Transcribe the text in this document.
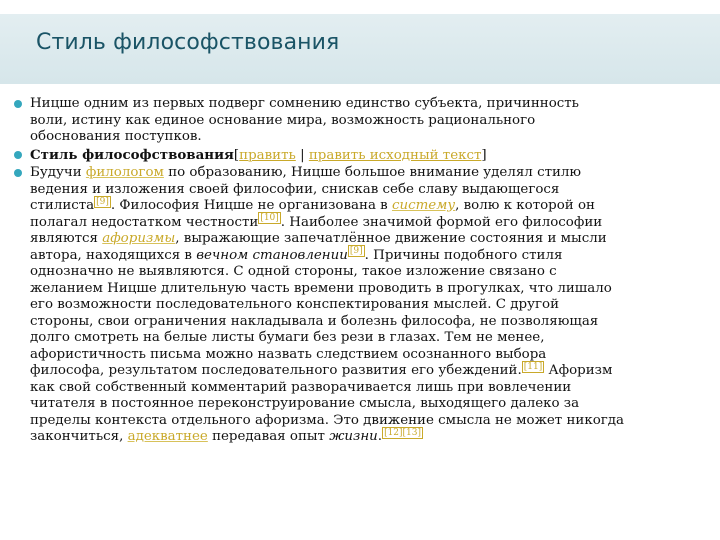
Стиль философствования
Ницше одним из первых подверг сомнению единство субъекта, причинность
воли, истину как единое основание мира, возможность рационального
обоснования поступков.
Стиль философствования[править | править исходный текст]
Будучи филологом по образованию, Ницше большое внимание уделял стилю
ведения и изложения своей философии, снискав себе славу выдающегося
стилиста [9] . Философия Ницше не организована в систему, волю к которой он
полагал недостатком честности [10] . Наиболее значимой формой его философии
являются афоризмы, выражающие запечатлённое движение состояния и мысли
автора, находящихся в вечном становлении [9] . Причины подобного стиля
однозначно не выявляются. С одной стороны, такое изложение связано с
желанием Ницше длительную часть времени проводить в прогулках, что лишало
его возможности последовательного конспектирования мыслей. С другой
стороны, свои ограничения накладывала и болезнь философа, не позволяющая
долго смотреть на белые листы бумаги без рези в глазах. Тем не менее,
афористичность письма можно назвать следствием осознанного выбора
философа, результатом последовательного развития его убеждений. [11] Афоризм
как свой собственный комментарий разворачивается лишь при вовлечении
читателя в постоянное переконструирование смысла, выходящего далеко за
пределы контекста отдельного афоризма. Это движение смысла не может никогда
закончиться, адекватнее передавая опыт жизни. [12][13]
